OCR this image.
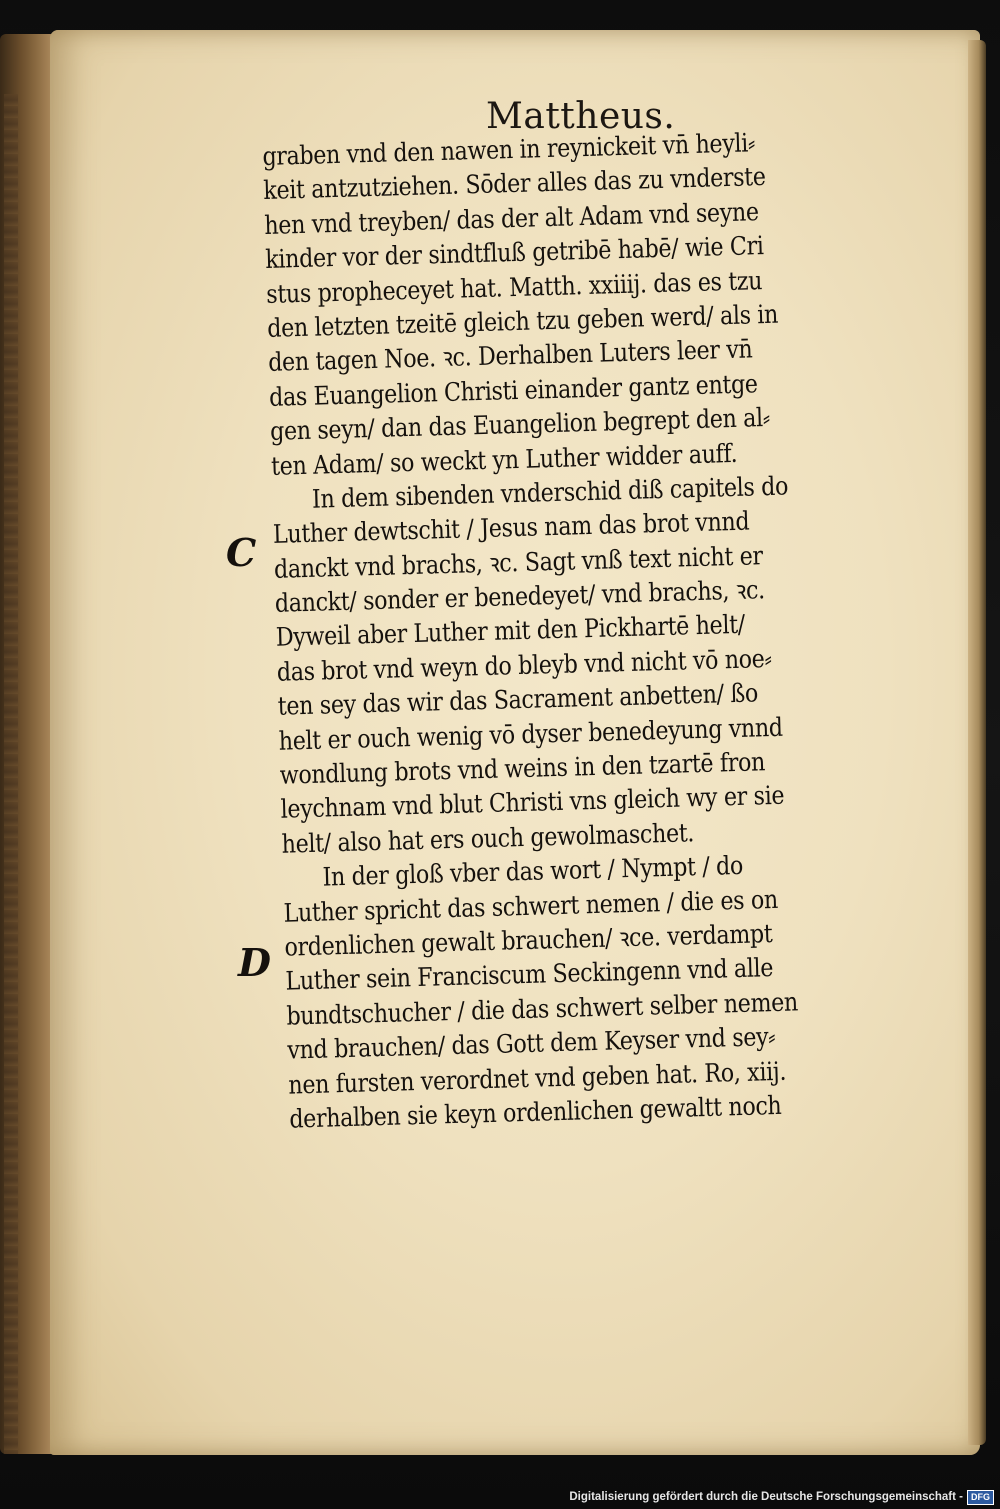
Mattheus.
C
D
graben vnd den nawen in reynickeit vn̄ heyli⸗
keit antzutziehen. Sōder alles das zu vnderste
hen vnd treyben/ das der alt Adam vnd seyne
kinder vor der sindtfluß getribē habē/ wie Cri
stus propheceyet hat. Matth. xxiiij. das es tzu
den letzten tzeitē gleich tzu geben werd/ als in
den tagen Noe. ꝛc. Derhalben Luters leer vn̄
das Euangelion Christi einander gantz entge
gen seyn/ dan das Euangelion begrept den al⸗
ten Adam/ so weckt yn Luther widder auff.
In dem sibenden vnderschid diß capitels do
Luther dewtschit / Jesus nam das brot vnnd
danckt vnd brachs, ꝛc. Sagt vnß text nicht er
danckt/ sonder er benedeyet/ vnd brachs, ꝛc.
Dyweil aber Luther mit den Pickhartē helt/
das brot vnd weyn do bleyb vnd nicht vō noe⸗
ten sey das wir das Sacrament anbetten/ ßo
helt er ouch wenig vō dyser benedeyung vnnd
wondlung brots vnd weins in den tzartē fron
leychnam vnd blut Christi vns gleich wy er sie
helt/ also hat ers ouch gewolmaschet.
In der gloß vber das wort / Nympt / do
Luther spricht das schwert nemen / die es on
ordenlichen gewalt brauchen/ ꝛce. verdampt
Luther sein Franciscum Seckingenn vnd alle
bundtschucher / die das schwert selber nemen
vnd brauchen/ das Gott dem Keyser vnd sey⸗
nen fursten verordnet vnd geben hat. Ro, xiij.
derhalben sie keyn ordenlichen gewaltt noch
Digitalisierung gefördert durch die Deutsche Forschungsgemeinschaft - DFG
